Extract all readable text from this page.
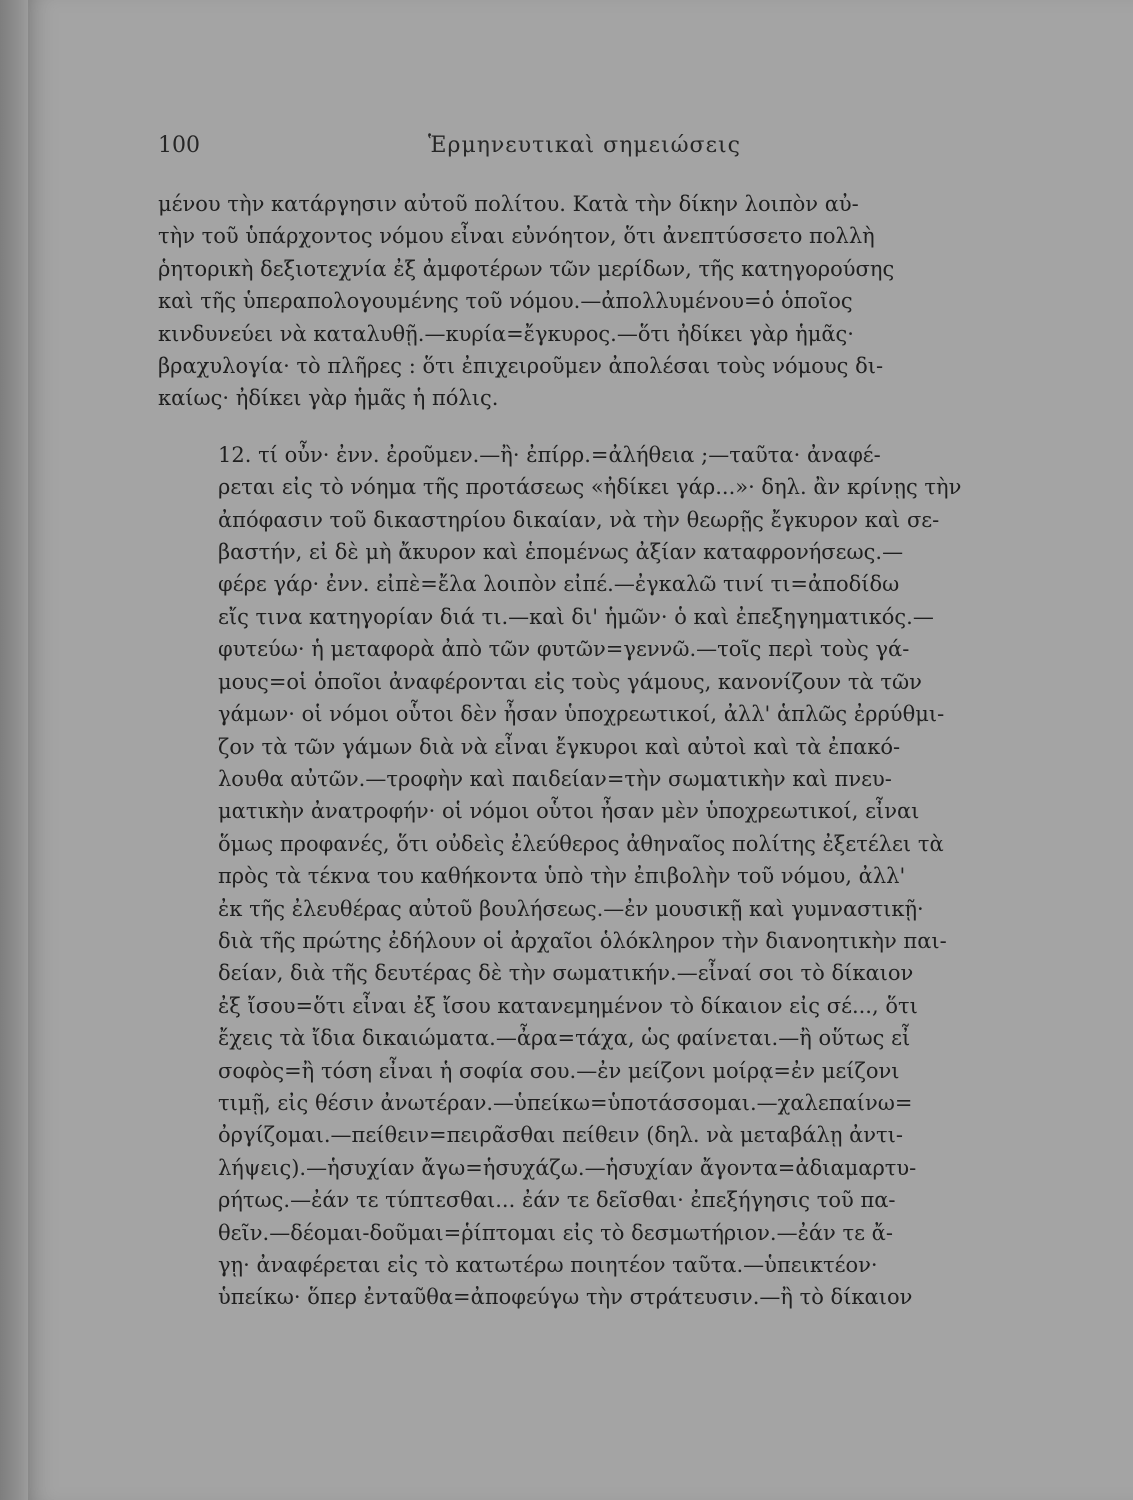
100	Ἑρμηνευτικαὶ σημειώσεις

μένου τὴν κατάργησιν αὐτοῦ πολίτου. Κατὰ τὴν δίκην λοιπὸν αὐ-
τὴν τοῦ ὑπάρχοντος νόμου εἶναι εὐνόητον, ὅτι ἀνεπτύσσετο πολλὴ
ῥητορικὴ δεξιοτεχνία ἐξ ἀμφοτέρων τῶν μερίδων, τῆς κατηγορούσης
καὶ τῆς ὑπεραπολογουμένης τοῦ νόμου.—ἀπολλυμένου=ὁ ὁποῖος
κινδυνεύει νὰ καταλυθῇ.—κυρία=ἔγκυρος.—ὅτι ἠδίκει γὰρ ἡμᾶς·
βραχυλογία· τὸ πλῆρες : ὅτι ἐπιχειροῦμεν ἀπολέσαι τοὺς νόμους δι-
καίως· ἠδίκει γὰρ ἡμᾶς ἡ πόλις.

12. τί οὖν· ἐνν. ἐροῦμεν.—ἢ· ἐπίρρ.=ἀλήθεια ;—ταῦτα· ἀναφέ-
ρεται εἰς τὸ νόημα τῆς προτάσεως «ἠδίκει γάρ...»· δηλ. ἂν κρίνῃς τὴν
ἀπόφασιν τοῦ δικαστηρίου δικαίαν, νὰ τὴν θεωρῇς ἔγκυρον καὶ σε-
βαστήν, εἰ δὲ μὴ ἄκυρον καὶ ἑπομένως ἀξίαν καταφρονήσεως.—
φέρε γάρ· ἐνν. εἰπὲ=ἔλα λοιπὸν εἰπέ.—ἐγκαλῶ τινί τι=ἀποδίδω
εἴς τινα κατηγορίαν διά τι.—καὶ δι' ἡμῶν· ὁ καὶ ἐπεξηγηματικός.—
φυτεύω· ἡ μεταφορὰ ἀπὸ τῶν φυτῶν=γεννῶ.—τοῖς περὶ τοὺς γά-
μους=οἱ ὁποῖοι ἀναφέρονται εἰς τοὺς γάμους, κανονίζουν τὰ τῶν
γάμων· οἱ νόμοι οὗτοι δὲν ἦσαν ὑποχρεωτικοί, ἀλλ' ἁπλῶς ἐρρύθμι-
ζον τὰ τῶν γάμων διὰ νὰ εἶναι ἔγκυροι καὶ αὐτοὶ καὶ τὰ ἐπακό-
λουθα αὐτῶν.—τροφὴν καὶ παιδείαν=τὴν σωματικὴν καὶ πνευ-
ματικὴν ἀνατροφήν· οἱ νόμοι οὗτοι ἦσαν μὲν ὑποχρεωτικοί, εἶναι
ὅμως προφανές, ὅτι οὐδεὶς ἐλεύθερος ἀθηναῖος πολίτης ἐξετέλει τὰ
πρὸς τὰ τέκνα του καθήκοντα ὑπὸ τὴν ἐπιβολὴν τοῦ νόμου, ἀλλ'
ἐκ τῆς ἐλευθέρας αὐτοῦ βουλήσεως.—ἐν μουσικῇ καὶ γυμναστικῇ·
διὰ τῆς πρώτης ἐδήλουν οἱ ἀρχαῖοι ὁλόκληρον τὴν διανοητικὴν παι-
δείαν, διὰ τῆς δευτέρας δὲ τὴν σωματικήν.—εἶναί σοι τὸ δίκαιον
ἐξ ἴσου=ὅτι εἶναι ἐξ ἴσου κατανεμημένον τὸ δίκαιον εἰς σέ..., ὅτι
ἔχεις τὰ ἴδια δικαιώματα.—ἆρα=τάχα, ὡς φαίνεται.—ἢ οὕτως εἶ
σοφὸς=ἢ τόση εἶναι ἡ σοφία σου.—ἐν μείζονι μοίρᾳ=ἐν μείζονι
τιμῇ, εἰς θέσιν ἀνωτέραν.—ὑπείκω=ὑποτάσσομαι.—χαλεπαίνω=
ὀργίζομαι.—πείθειν=πειρᾶσθαι πείθειν (δηλ. νὰ μεταβάλῃ ἀντι-
λήψεις).—ἡσυχίαν ἄγω=ἡσυχάζω.—ἡσυχίαν ἄγοντα=ἀδιαμαρτυ-
ρήτως.—ἐάν τε τύπτεσθαι... ἐάν τε δεῖσθαι· ἐπεξήγησις τοῦ πα-
θεῖν.—δέομαι-δοῦμαι=ῥίπτομαι εἰς τὸ δεσμωτήριον.—ἐάν τε ἄ-
γῃ· ἀναφέρεται εἰς τὸ κατωτέρω ποιητέον ταῦτα.—ὑπεικτέον·
ὑπείκω· ὅπερ ἐνταῦθα=ἀποφεύγω τὴν στράτευσιν.—ἢ τὸ δίκαιον
